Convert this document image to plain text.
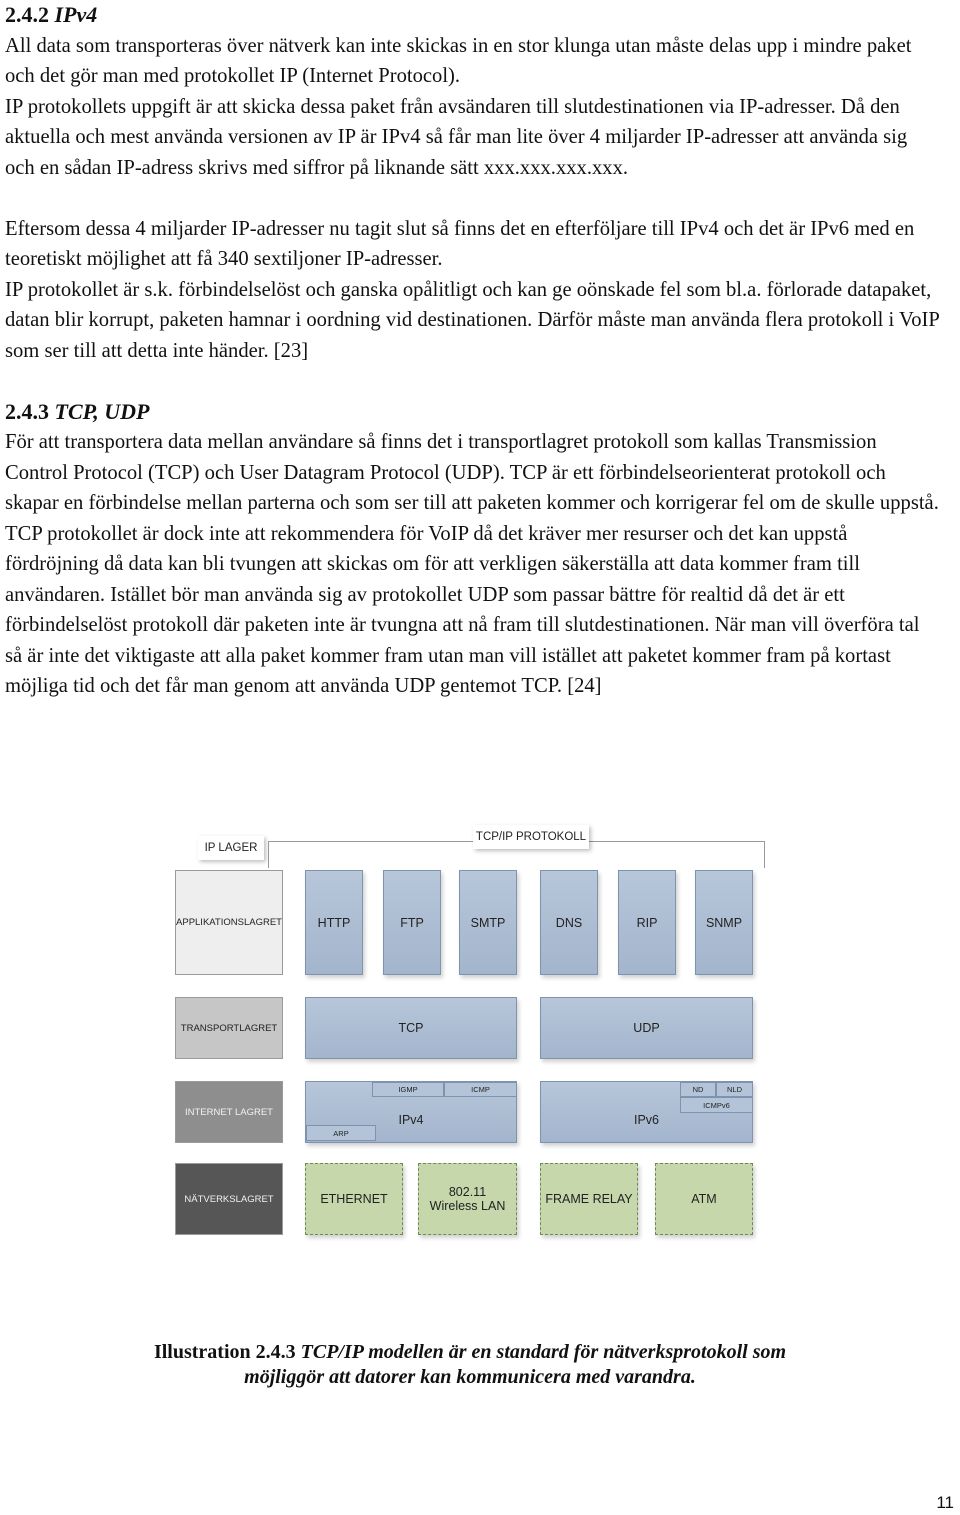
2.4.2 IPv4

All data som transporteras över nätverk kan inte skickas in en stor klunga utan måste delas upp i mindre paket och det gör man med protokollet IP (Internet Protocol).

IP protokollets uppgift är att skicka dessa paket från avsändaren till slutdestinationen via IP-adresser. Då den aktuella och mest använda versionen av IP är IPv4 så får man lite över 4 miljarder IP-adresser att använda sig och en sådan IP-adress skrivs med siffror på liknande sätt xxx.xxx.xxx.xxx.

Eftersom dessa 4 miljarder IP-adresser nu tagit slut så finns det en efterföljare till IPv4 och det är IPv6 med en teoretiskt möjlighet att få 340 sextiljoner IP-adresser.

IP protokollet är s.k. förbindelselöst och ganska opålitligt och kan ge oönskade fel som bl.a. förlorade datapaket, datan blir korrupt, paketen hamnar i oordning vid destinationen. Därför måste man använda flera protokoll i VoIP som ser till att detta inte händer. [23]

2.4.3 TCP, UDP

För att transportera data mellan användare så finns det i transportlagret protokoll som kallas Transmission Control Protocol (TCP) och User Datagram Protocol (UDP). TCP är ett förbindelseorienterat protokoll och skapar en förbindelse mellan parterna och som ser till att paketen kommer och korrigerar fel om de skulle uppstå. TCP protokollet är dock inte att rekommendera för VoIP då det kräver mer resurser och det kan uppstå fördröjning då data kan bli tvungen att skickas om för att verkligen säkerställa att data kommer fram till användaren. Istället bör man använda sig av protokollet UDP som passar bättre för realtid då det är ett förbindelselöst protokoll där paketen inte är tvungna att nå fram till slutdestinationen. När man vill överföra tal så är inte det viktigaste att alla paket kommer fram utan man vill istället att paketet kommer fram på kortast möjliga tid och det får man genom att använda UDP gentemot TCP. [24]

IP LAGER
TCP/IP PROTOKOLL
APPLIKATIONSLAGRET	HTTP	FTP	SMTP	DNS	RIP	SNMP
TRANSPORTLAGRET	TCP	UDP
INTERNET LAGRET
IPv4
IGMP	ICMP
ARP
IPv6
ND	NLD
ICMPv6
NÄTVERKSLAGRET	ETHERNET	802.11 Wireless LAN	FRAME RELAY	ATM
Illustration 2.4.3 TCP/IP modellen är en standard för nätverksprotokoll som
möjliggör att datorer kan kommunicera med varandra.
11
